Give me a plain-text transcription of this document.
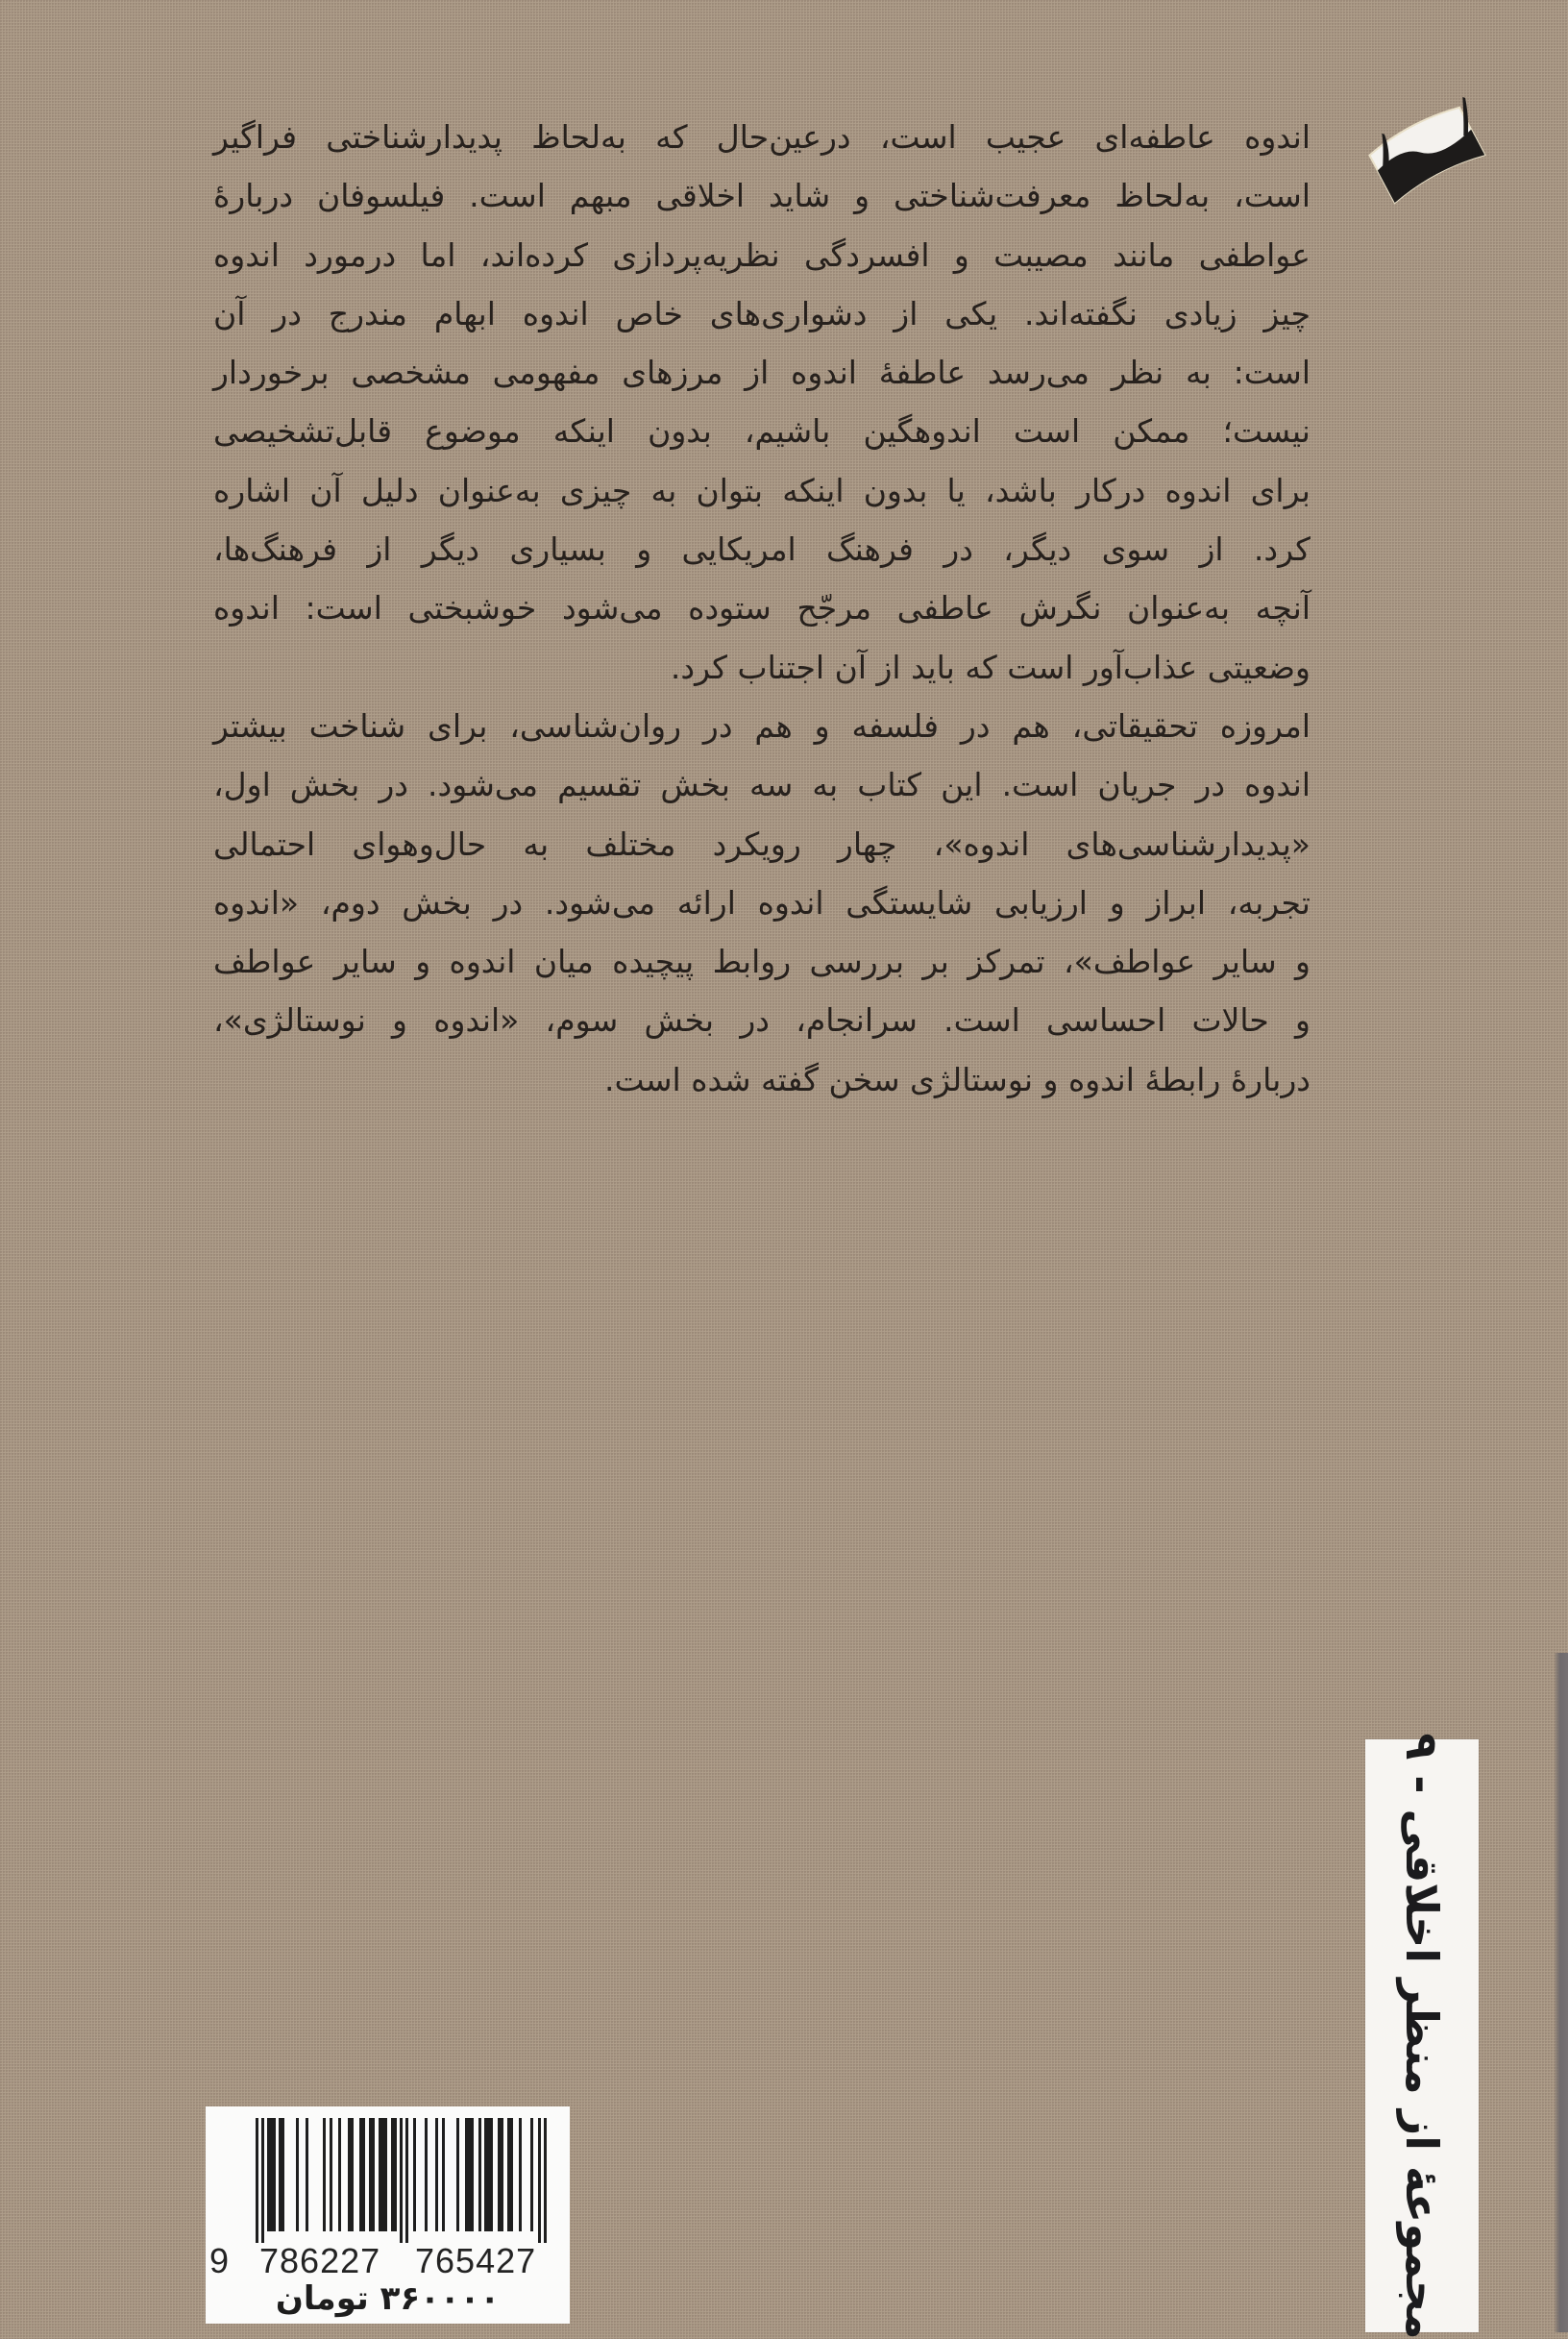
اندوه عاطفه‌ای عجیب است، درعین‌حال که به‌لحاظ پدیدارشناختی فراگیر
است، به‌لحاظ معرفت‌شناختی و شاید اخلاقی مبهم است. فیلسوفان دربارهٔ
عواطفی مانند مصیبت و افسردگی نظریه‌پردازی کرده‌اند، اما درمورد اندوه
چیز زیادی نگفته‌اند. یکی از دشواری‌های خاص اندوه ابهام مندرج در آن
است: به نظر می‌رسد عاطفهٔ اندوه از مرزهای مفهومی مشخصی برخوردار
نیست؛ ممکن است اندوهگین باشیم، بدون اینکه موضوع قابل‌تشخیصی
برای اندوه درکار باشد، یا بدون اینکه بتوان به چیزی به‌عنوان دلیل آن اشاره
کرد. از سوی دیگر، در فرهنگ امریکایی و بسیاری دیگر از فرهنگ‌ها،
آنچه به‌عنوان نگرش عاطفی مرجّح ستوده می‌شود خوشبختی است: اندوه
وضعیتی عذاب‌آور است که باید از آن اجتناب کرد.

امروزه تحقیقاتی، هم در فلسفه و هم در روان‌شناسی، برای شناخت بیشتر
اندوه در جریان است. این کتاب به سه بخش تقسیم می‌شود. در بخش اول،
«پدیدارشناسی‌های اندوه»، چهار رویکرد مختلف به حال‌وهوای احتمالی
تجربه، ابراز و ارزیابی شایستگی اندوه ارائه می‌شود. در بخش دوم، «اندوه
و سایر عواطف»، تمرکز بر بررسی روابط پیچیده میان اندوه و سایر عواطف
و حالات احساسی است. سرانجام، در بخش سوم، «اندوه و نوستالژی»،
دربارهٔ رابطهٔ اندوه و نوستالژی سخن گفته شده است.

مجموعهٔ از منظر اخلاقی - ۹
9 786227 765427
۳۶۰۰۰۰ تومان
